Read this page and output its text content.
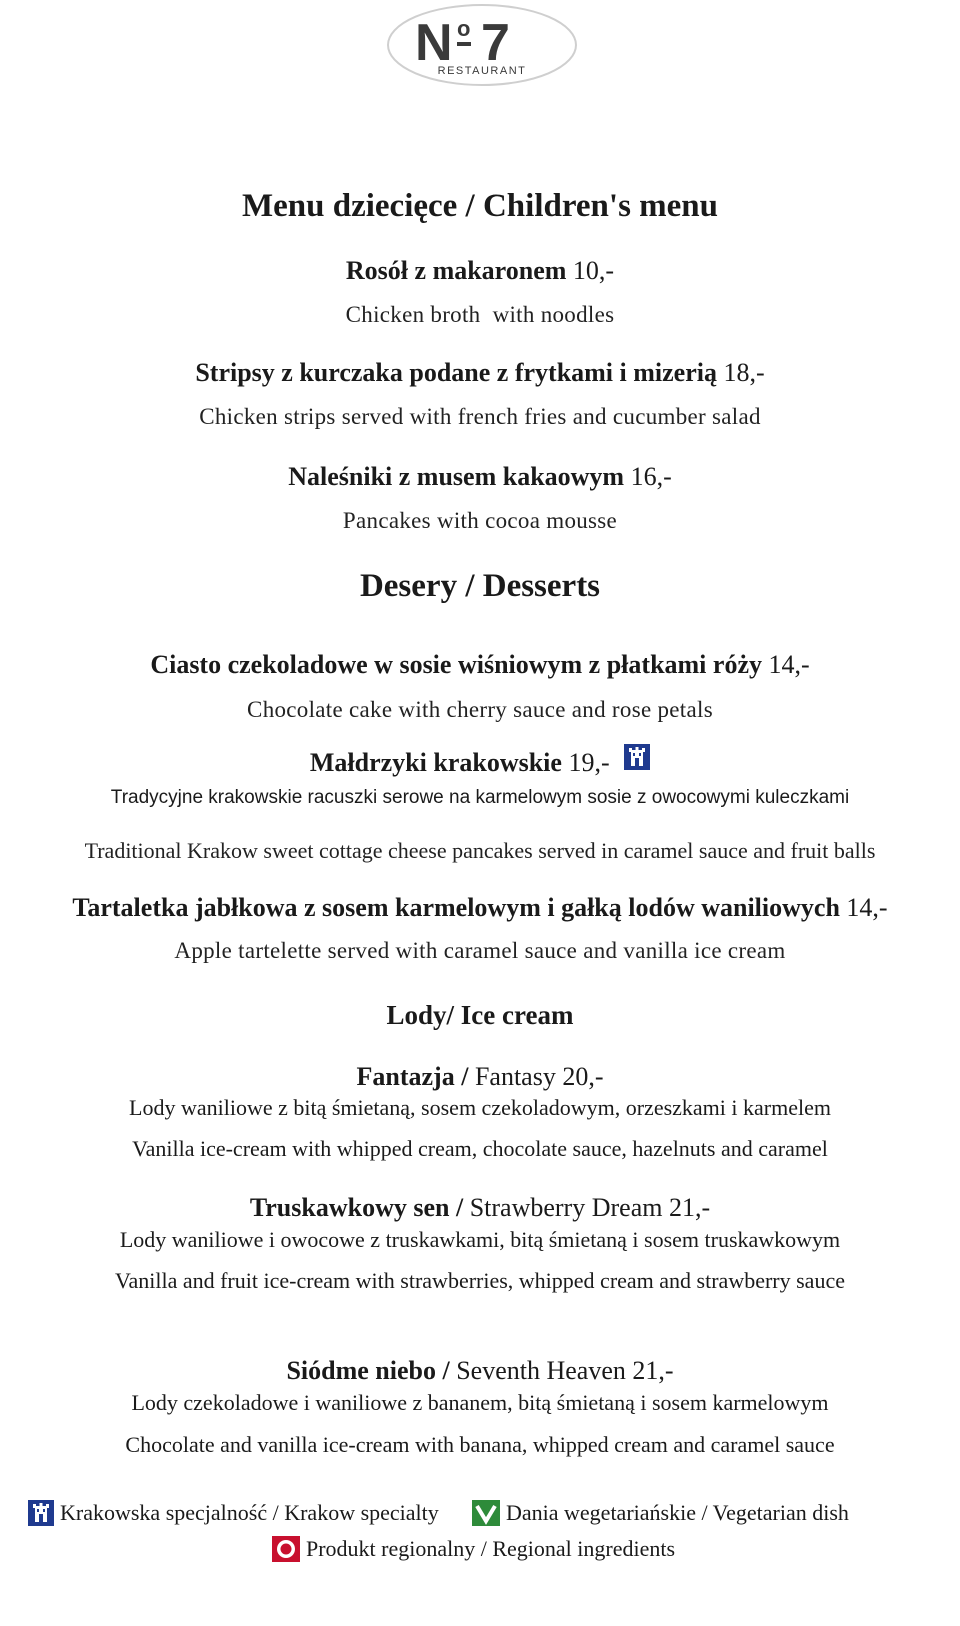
N o 7
RESTAURANT
Menu dziecięce / Children's menu
Rosół z makaronem 10,-
Chicken broth  with noodles
Stripsy z kurczaka podane z frytkami i mizerią 18,-
Chicken strips served with french fries and cucumber salad
Naleśniki z musem kakaowym 16,-
Pancakes with cocoa mousse
Desery / Desserts
Ciasto czekoladowe w sosie wiśniowym z płatkami róży 14,-
Chocolate cake with cherry sauce and rose petals
Małdrzyki krakowskie 19,-
Tradycyjne krakowskie racuszki serowe na karmelowym sosie z owocowymi kuleczkami
Traditional Krakow sweet cottage cheese pancakes served in caramel sauce and fruit balls
Tartaletka jabłkowa z sosem karmelowym i gałką lodów waniliowych 14,-
Apple tartelette served with caramel sauce and vanilla ice cream
Lody/ Ice cream
Fantazja / Fantasy 20,-
Lody waniliowe z bitą śmietaną, sosem czekoladowym, orzeszkami i karmelem
Vanilla ice-cream with whipped cream, chocolate sauce, hazelnuts and caramel
Truskawkowy sen / Strawberry Dream 21,-
Lody waniliowe i owocowe z truskawkami, bitą śmietaną i sosem truskawkowym
Vanilla and fruit ice-cream with strawberries, whipped cream and strawberry sauce
Siódme niebo / Seventh Heaven 21,-
Lody czekoladowe i waniliowe z bananem, bitą śmietaną i sosem karmelowym
Chocolate and vanilla ice-cream with banana, whipped cream and caramel sauce
Krakowska specjalność / Krakow specialty	Dania wegetariańskie / Vegetarian dish
Produkt regionalny / Regional ingredients
